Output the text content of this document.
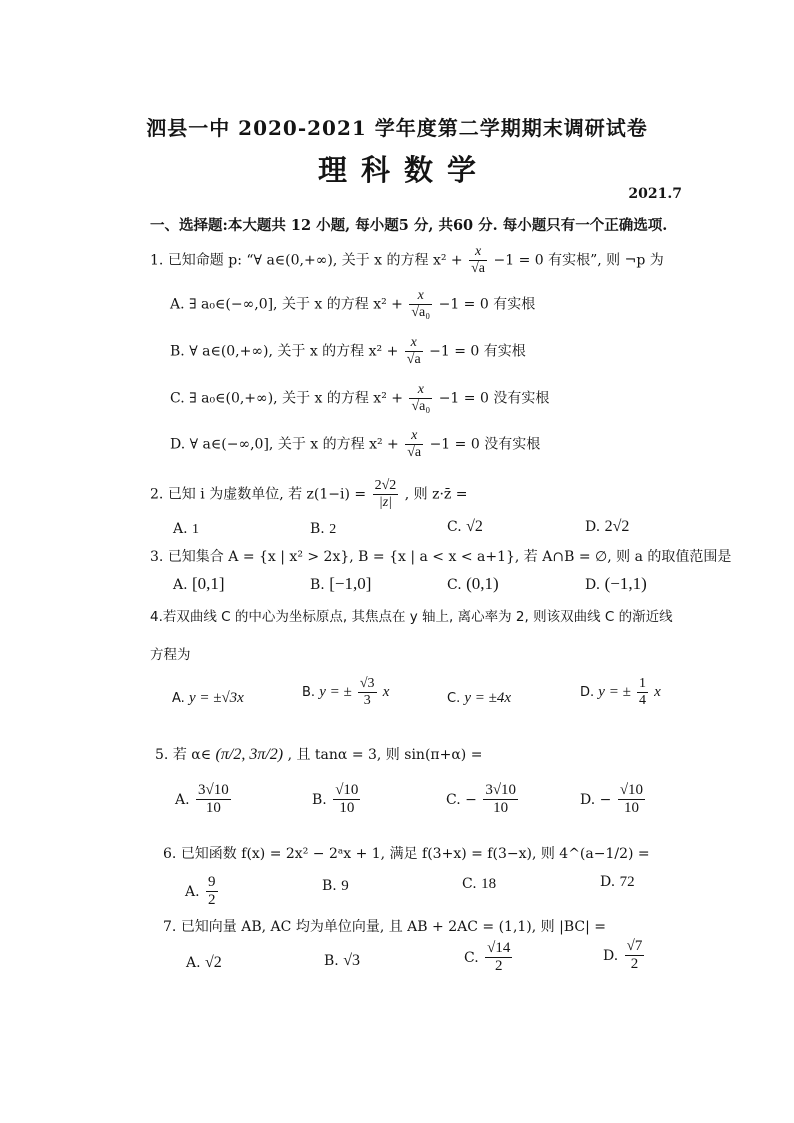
泗县一中 2020-2021 学年度第二学期期末调研试卷
理科数学
2021.7
一、选择题:本大题共 12 小题, 每小题5 分, 共60 分. 每小题只有一个正确选项.
1. 已知命题 p: “∀ a∈(0,+∞), 关于 x 的方程 $x^2 + \frac{x}{√a} -1 = 0$ 有实根”, 则 ¬p 为
A. ∃ a₀∈(−∞,0], 关于 x 的方程 $x^2 + \frac{x}{\text{√a₀}} -1 = 0$ 有实根
B. ∀ a∈(0,+∞), 关于 x 的方程 $x^2 + \frac{x}{√a} -1 = 0$ 有实根
C. ∃ a₀∈(0,+∞), 关于 x 的方程 $x^2 + \frac{x}{\text{√a₀}} -1 = 0$ 没有实根
D. ∀ a∈(−∞,0], 关于 x 的方程 $x^2 + \frac{x}{√a} -1 = 0$ 没有实根
2. 已知 i 为虚数单位, 若 $z(1-i) = \frac{2√2}{|z|}$ , 则 z·z̄ =
A. 1	B. 2	C. √2	D. 2√2
3. 已知集合 A = {x | x² > 2x}, B = {x | a < x < a+1}, 若 A∩B = ∅, 则 a 的取值范围是
A. [0,1]	B. [−1,0]	C. (0,1)	D. (−1,1)
4.若双曲线 C 的中心为坐标原点, 其焦点在 y 轴上, 离心率为 2, 则该双曲线 C 的渐近线
方程为
A. y = ±√3x	B. y = ± $\frac{√3}{3}$ x	C. y = ±4x	D. y = ± $\frac{1}{4}$ x
5. 若 α∈ (π/2, 3π/2) , 且 tanα = 3, 则 sin(π+α) =
A. $\frac{3√10}{10}$	B. $\frac{√10}{10}$	C. − $\frac{3√10}{10}$	D. − $\frac{√10}{10}$
6. 已知函数 f(x) = 2x² − 2ᵃx + 1, 满足 f(3+x) = f(3−x), 则 4^(a−1/2) =
A. $\frac{9}{2}$	B. 9	C. 18	D. 72
7. 已知向量 AB, AC 均为单位向量, 且 AB + 2AC = (1,1), 则 |BC| =
A. √2	B. √3	C. $\frac{√14}{2}$	D. $\frac{√7}{2}$
